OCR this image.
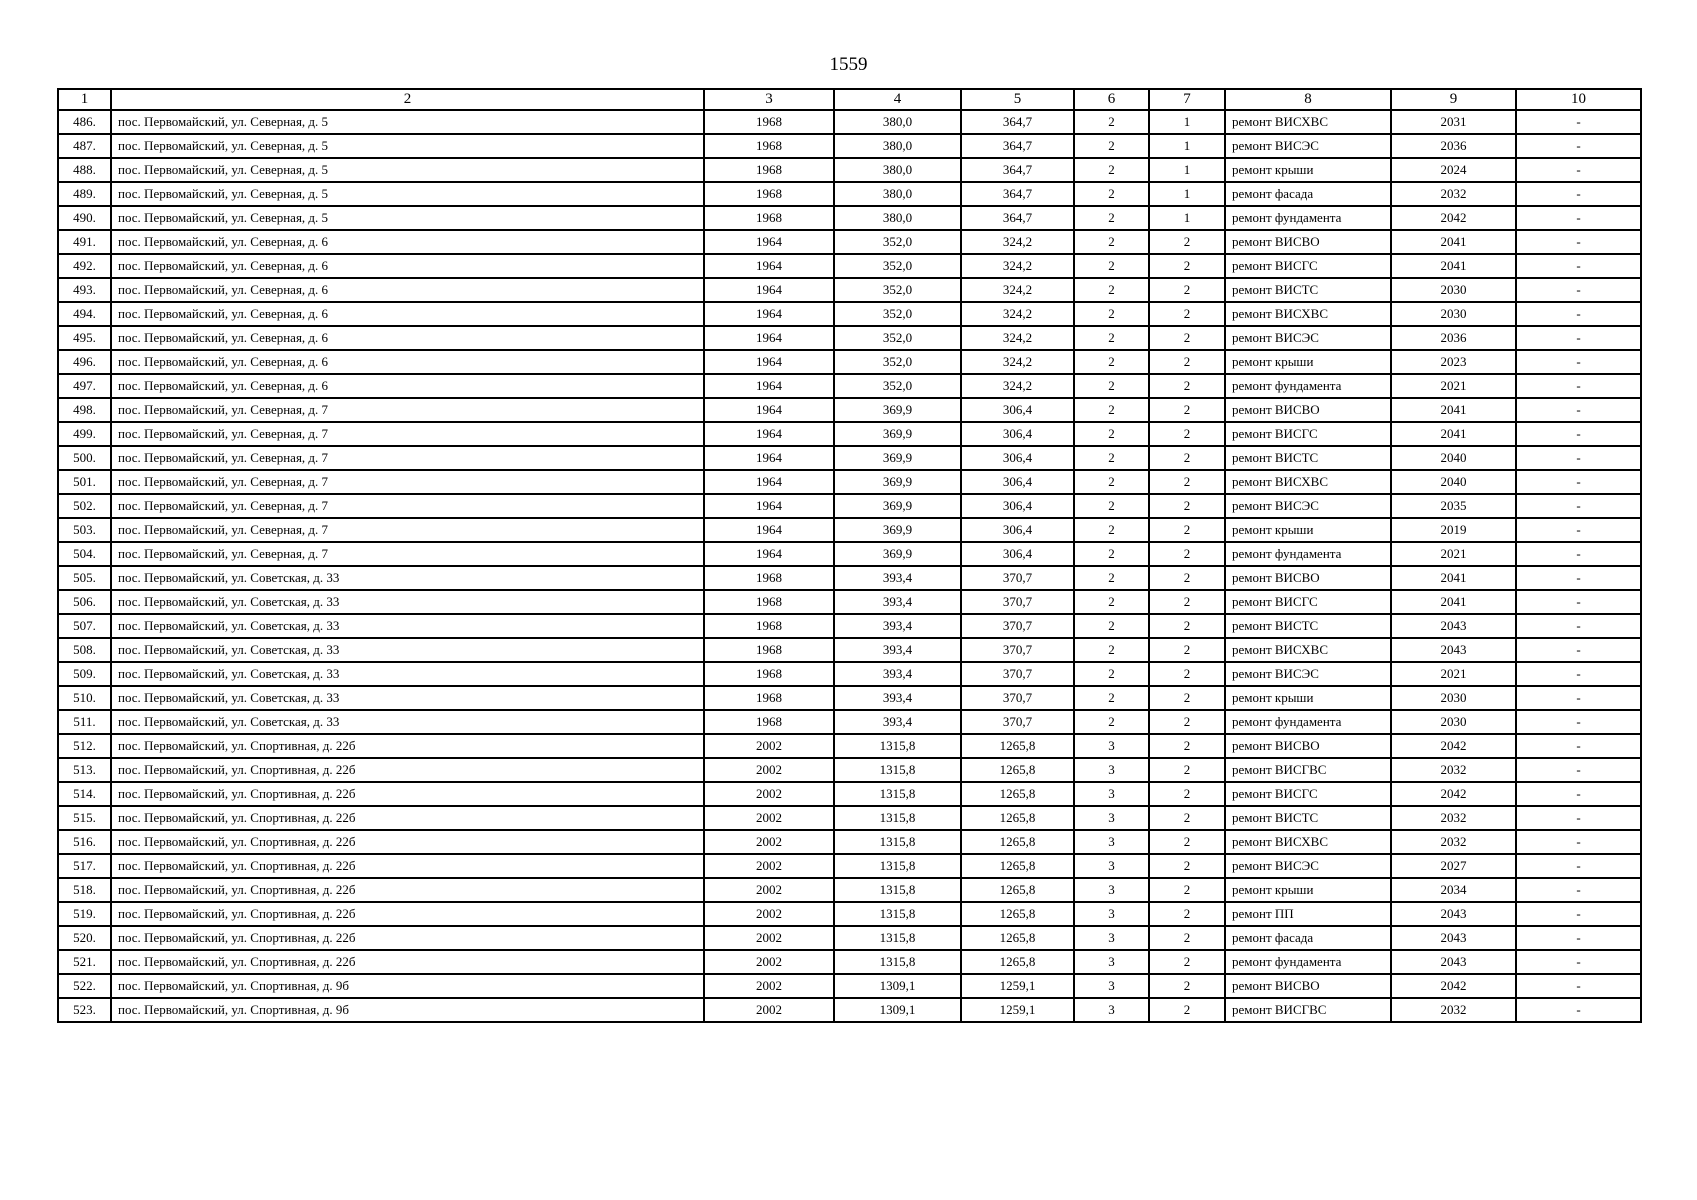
1559
1	2	3	4	5	6	7	8	9	10
486.	пос. Первомайский, ул. Северная, д. 5	1968	380,0	364,7	2	1	ремонт ВИСХВС	2031	-
487.	пос. Первомайский, ул. Северная, д. 5	1968	380,0	364,7	2	1	ремонт ВИСЭС	2036	-
488.	пос. Первомайский, ул. Северная, д. 5	1968	380,0	364,7	2	1	ремонт крыши	2024	-
489.	пос. Первомайский, ул. Северная, д. 5	1968	380,0	364,7	2	1	ремонт фасада	2032	-
490.	пос. Первомайский, ул. Северная, д. 5	1968	380,0	364,7	2	1	ремонт фундамента	2042	-
491.	пос. Первомайский, ул. Северная, д. 6	1964	352,0	324,2	2	2	ремонт ВИСВО	2041	-
492.	пос. Первомайский, ул. Северная, д. 6	1964	352,0	324,2	2	2	ремонт ВИСГС	2041	-
493.	пос. Первомайский, ул. Северная, д. 6	1964	352,0	324,2	2	2	ремонт ВИСТС	2030	-
494.	пос. Первомайский, ул. Северная, д. 6	1964	352,0	324,2	2	2	ремонт ВИСХВС	2030	-
495.	пос. Первомайский, ул. Северная, д. 6	1964	352,0	324,2	2	2	ремонт ВИСЭС	2036	-
496.	пос. Первомайский, ул. Северная, д. 6	1964	352,0	324,2	2	2	ремонт крыши	2023	-
497.	пос. Первомайский, ул. Северная, д. 6	1964	352,0	324,2	2	2	ремонт фундамента	2021	-
498.	пос. Первомайский, ул. Северная, д. 7	1964	369,9	306,4	2	2	ремонт ВИСВО	2041	-
499.	пос. Первомайский, ул. Северная, д. 7	1964	369,9	306,4	2	2	ремонт ВИСГС	2041	-
500.	пос. Первомайский, ул. Северная, д. 7	1964	369,9	306,4	2	2	ремонт ВИСТС	2040	-
501.	пос. Первомайский, ул. Северная, д. 7	1964	369,9	306,4	2	2	ремонт ВИСХВС	2040	-
502.	пос. Первомайский, ул. Северная, д. 7	1964	369,9	306,4	2	2	ремонт ВИСЭС	2035	-
503.	пос. Первомайский, ул. Северная, д. 7	1964	369,9	306,4	2	2	ремонт крыши	2019	-
504.	пос. Первомайский, ул. Северная, д. 7	1964	369,9	306,4	2	2	ремонт фундамента	2021	-
505.	пос. Первомайский, ул. Советская, д. 33	1968	393,4	370,7	2	2	ремонт ВИСВО	2041	-
506.	пос. Первомайский, ул. Советская, д. 33	1968	393,4	370,7	2	2	ремонт ВИСГС	2041	-
507.	пос. Первомайский, ул. Советская, д. 33	1968	393,4	370,7	2	2	ремонт ВИСТС	2043	-
508.	пос. Первомайский, ул. Советская, д. 33	1968	393,4	370,7	2	2	ремонт ВИСХВС	2043	-
509.	пос. Первомайский, ул. Советская, д. 33	1968	393,4	370,7	2	2	ремонт ВИСЭС	2021	-
510.	пос. Первомайский, ул. Советская, д. 33	1968	393,4	370,7	2	2	ремонт крыши	2030	-
511.	пос. Первомайский, ул. Советская, д. 33	1968	393,4	370,7	2	2	ремонт фундамента	2030	-
512.	пос. Первомайский, ул. Спортивная, д. 22б	2002	1315,8	1265,8	3	2	ремонт ВИСВО	2042	-
513.	пос. Первомайский, ул. Спортивная, д. 22б	2002	1315,8	1265,8	3	2	ремонт ВИСГВС	2032	-
514.	пос. Первомайский, ул. Спортивная, д. 22б	2002	1315,8	1265,8	3	2	ремонт ВИСГС	2042	-
515.	пос. Первомайский, ул. Спортивная, д. 22б	2002	1315,8	1265,8	3	2	ремонт ВИСТС	2032	-
516.	пос. Первомайский, ул. Спортивная, д. 22б	2002	1315,8	1265,8	3	2	ремонт ВИСХВС	2032	-
517.	пос. Первомайский, ул. Спортивная, д. 22б	2002	1315,8	1265,8	3	2	ремонт ВИСЭС	2027	-
518.	пос. Первомайский, ул. Спортивная, д. 22б	2002	1315,8	1265,8	3	2	ремонт крыши	2034	-
519.	пос. Первомайский, ул. Спортивная, д. 22б	2002	1315,8	1265,8	3	2	ремонт ПП	2043	-
520.	пос. Первомайский, ул. Спортивная, д. 22б	2002	1315,8	1265,8	3	2	ремонт фасада	2043	-
521.	пос. Первомайский, ул. Спортивная, д. 22б	2002	1315,8	1265,8	3	2	ремонт фундамента	2043	-
522.	пос. Первомайский, ул. Спортивная, д. 9б	2002	1309,1	1259,1	3	2	ремонт ВИСВО	2042	-
523.	пос. Первомайский, ул. Спортивная, д. 9б	2002	1309,1	1259,1	3	2	ремонт ВИСГВС	2032	-
